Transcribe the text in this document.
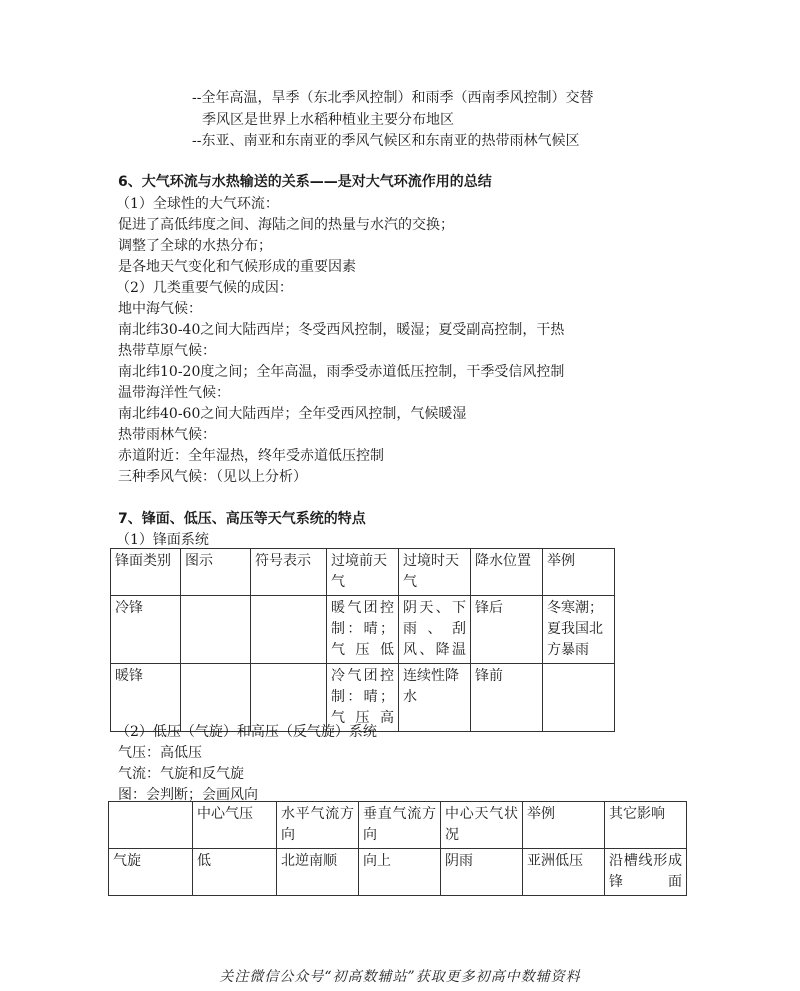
--全年高温，旱季（东北季风控制）和雨季（西南季风控制）交替
季风区是世界上水稻种植业主要分布地区
--东亚、南亚和东南亚的季风气候区和东南亚的热带雨林气候区
6、大气环流与水热输送的关系——是对大气环流作用的总结
（1）全球性的大气环流：
促进了高低纬度之间、海陆之间的热量与水汽的交换；
调整了全球的水热分布；
是各地天气变化和气候形成的重要因素
（2）几类重要气候的成因：
地中海气候：
南北纬30-40之间大陆西岸；冬受西风控制，暖湿；夏受副高控制，干热
热带草原气候：
南北纬10-20度之间；全年高温，雨季受赤道低压控制，干季受信风控制
温带海洋性气候：
南北纬40-60之间大陆西岸；全年受西风控制，气候暖湿
热带雨林气候：
赤道附近：全年湿热，终年受赤道低压控制
三种季风气候：（见以上分析）
7、锋面、低压、高压等天气系统的特点
（1）锋面系统
锋面类别	图示	符号表示	过境前天气	过境时天气	降水位置	举例
冷锋			暖气团控制：晴；气压低	阴天、下雨、刮风、降温	锋后	冬寒潮；夏我国北方暴雨
暖锋			冷气团控制：晴；气压高	连续性降水	锋前	
（2）低压（气旋）和高压（反气旋）系统
气压：高低压
气流：气旋和反气旋
图：会判断；会画风向
	中心气压	水平气流方向	垂直气流方向	中心天气状况	举例	其它影响
气旋	低	北逆南顺	向上	阴雨	亚洲低压	沿槽线形成锋面
关注微信公众号“初高数辅站”获取更多初高中数辅资料
